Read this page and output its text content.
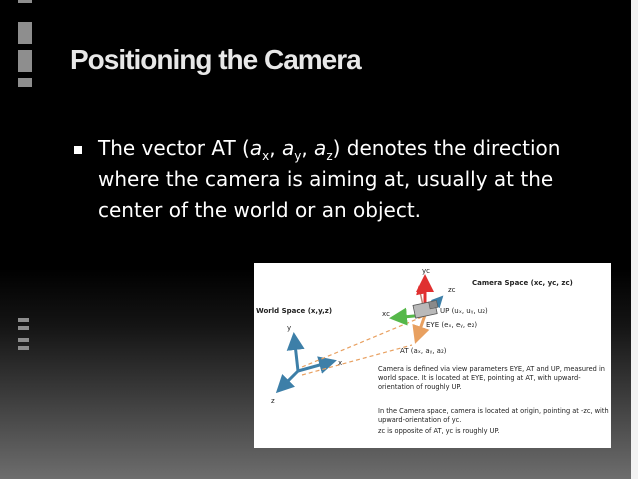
Positioning the Camera

The vector AT ($a_x$, $a_y$, $a_z$) denotes the direction where the camera is aiming at, usually at the center of the world or an object.

Camera Space (xᴄ, yᴄ, zᴄ)
World Space (x,y,z)
yᴄ
xᴄ
zᴄ
y
x
z
UP (uₓ, uᵧ, u₂)
EYE (eₓ, eᵧ, e₂)
AT (aₓ, aᵧ, a₂)

Camera is defined via view parameters EYE, AT and UP, measured in world space. It is located at EYE, pointing at AT, with upward-orientation of roughly UP.

In the Camera space, camera is located at origin, pointing at -zᴄ, with upward-orientation of yᴄ.

zᴄ is opposite of AT, yᴄ is roughly UP.
